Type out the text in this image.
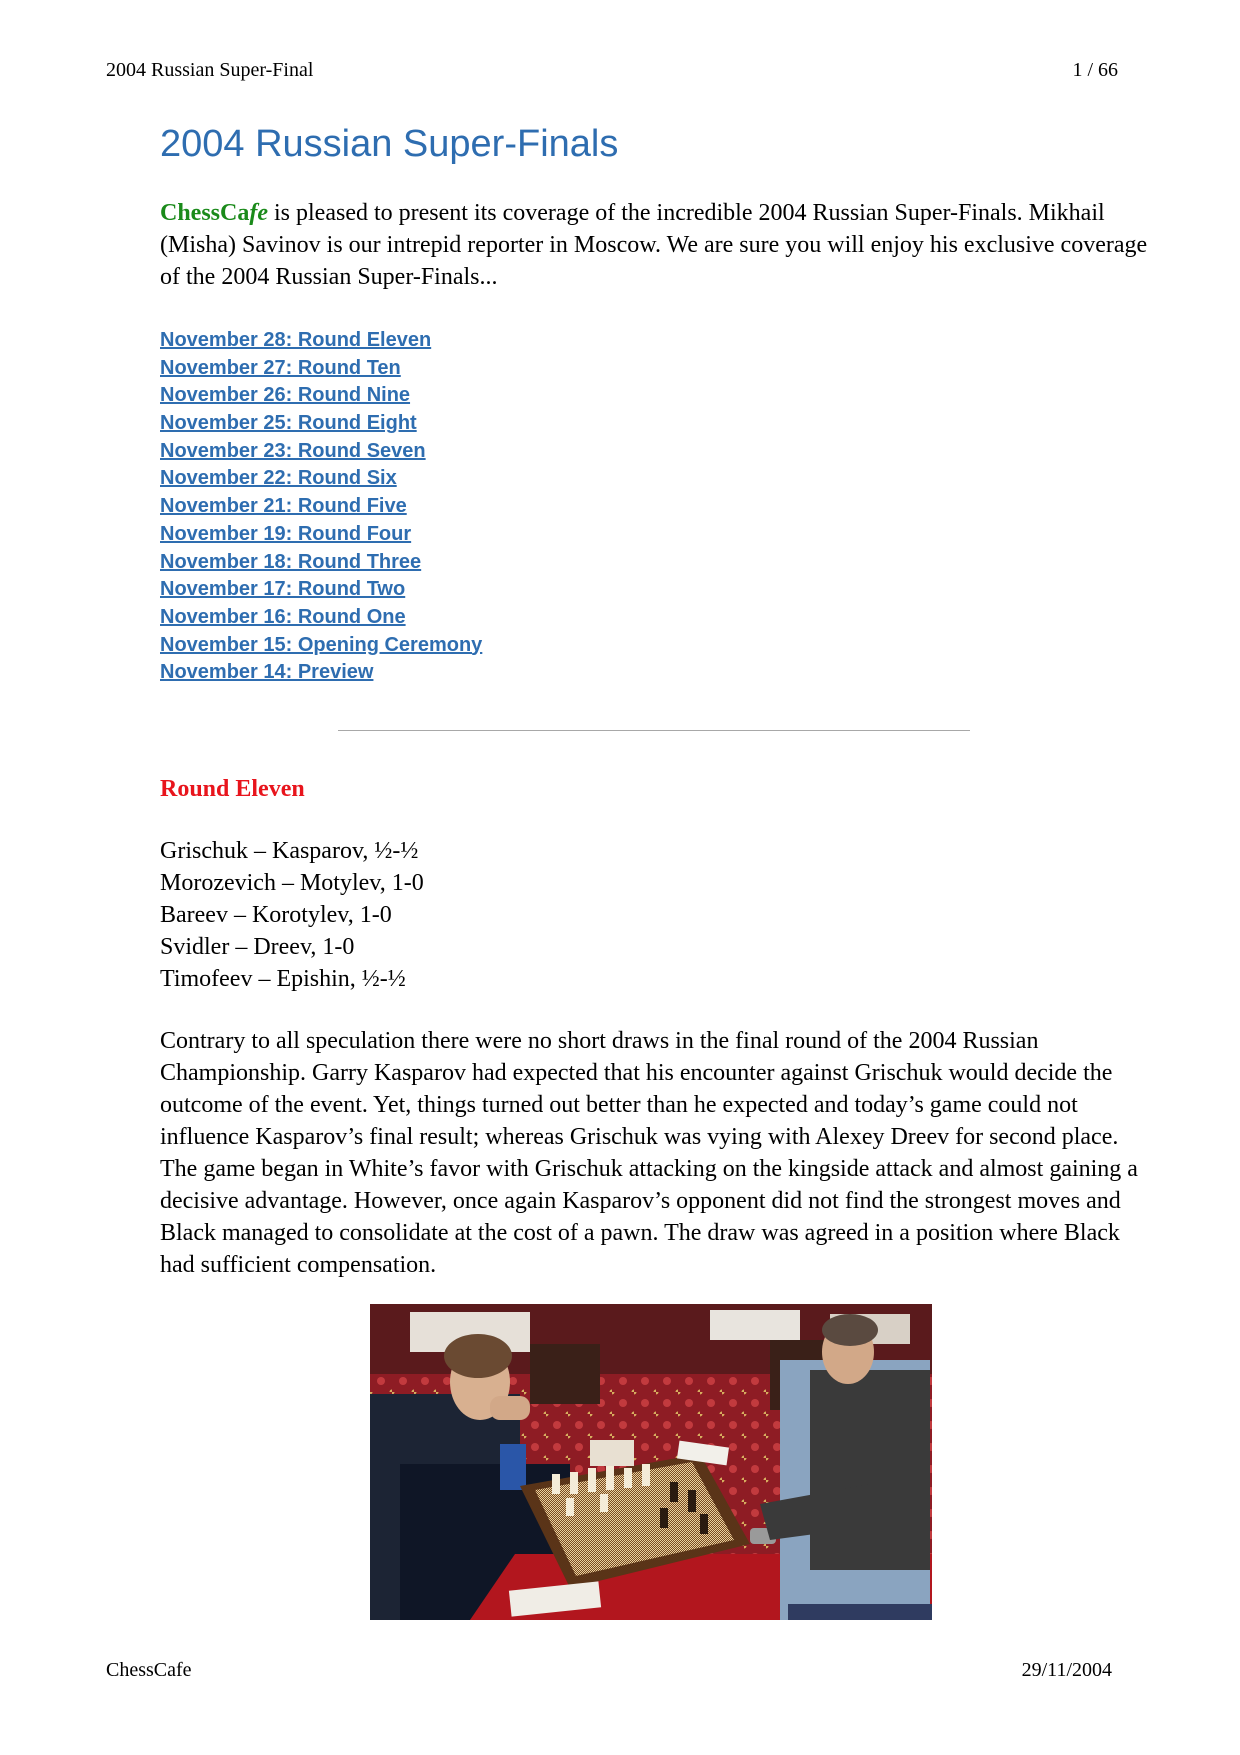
2004 Russian Super-Final	1 / 66
2004 Russian Super-Finals

ChessCafe is pleased to present its coverage of the incredible 2004 Russian Super-Finals. Mikhail (Misha) Savinov is our intrepid reporter in Moscow. We are sure you will enjoy his exclusive coverage of the 2004 Russian Super-Finals...

November 28: Round Eleven
November 27: Round Ten
November 26: Round Nine
November 25: Round Eight
November 23: Round Seven
November 22: Round Six
November 21: Round Five
November 19: Round Four
November 18: Round Three
November 17: Round Two
November 16: Round One
November 15: Opening Ceremony
November 14: Preview
Round Eleven
Grischuk – Kasparov, ½-½
Morozevich – Motylev, 1-0
Bareev – Korotylev, 1-0
Svidler – Dreev, 1-0
Timofeev – Epishin, ½-½

Contrary to all speculation there were no short draws in the final round of the 2004 Russian Championship. Garry Kasparov had expected that his encounter against Grischuk would decide the outcome of the event. Yet, things turned out better than he expected and today’s game could not influence Kasparov’s final result; whereas Grischuk was vying with Alexey Dreev for second place. The game began in White’s favor with Grischuk attacking on the kingside attack and almost gaining a decisive advantage. However, once again Kasparov’s opponent did not find the strongest moves and Black managed to consolidate at the cost of a pawn. The draw was agreed in a position where Black had sufficient compensation.

ChessCafe	29/11/2004
